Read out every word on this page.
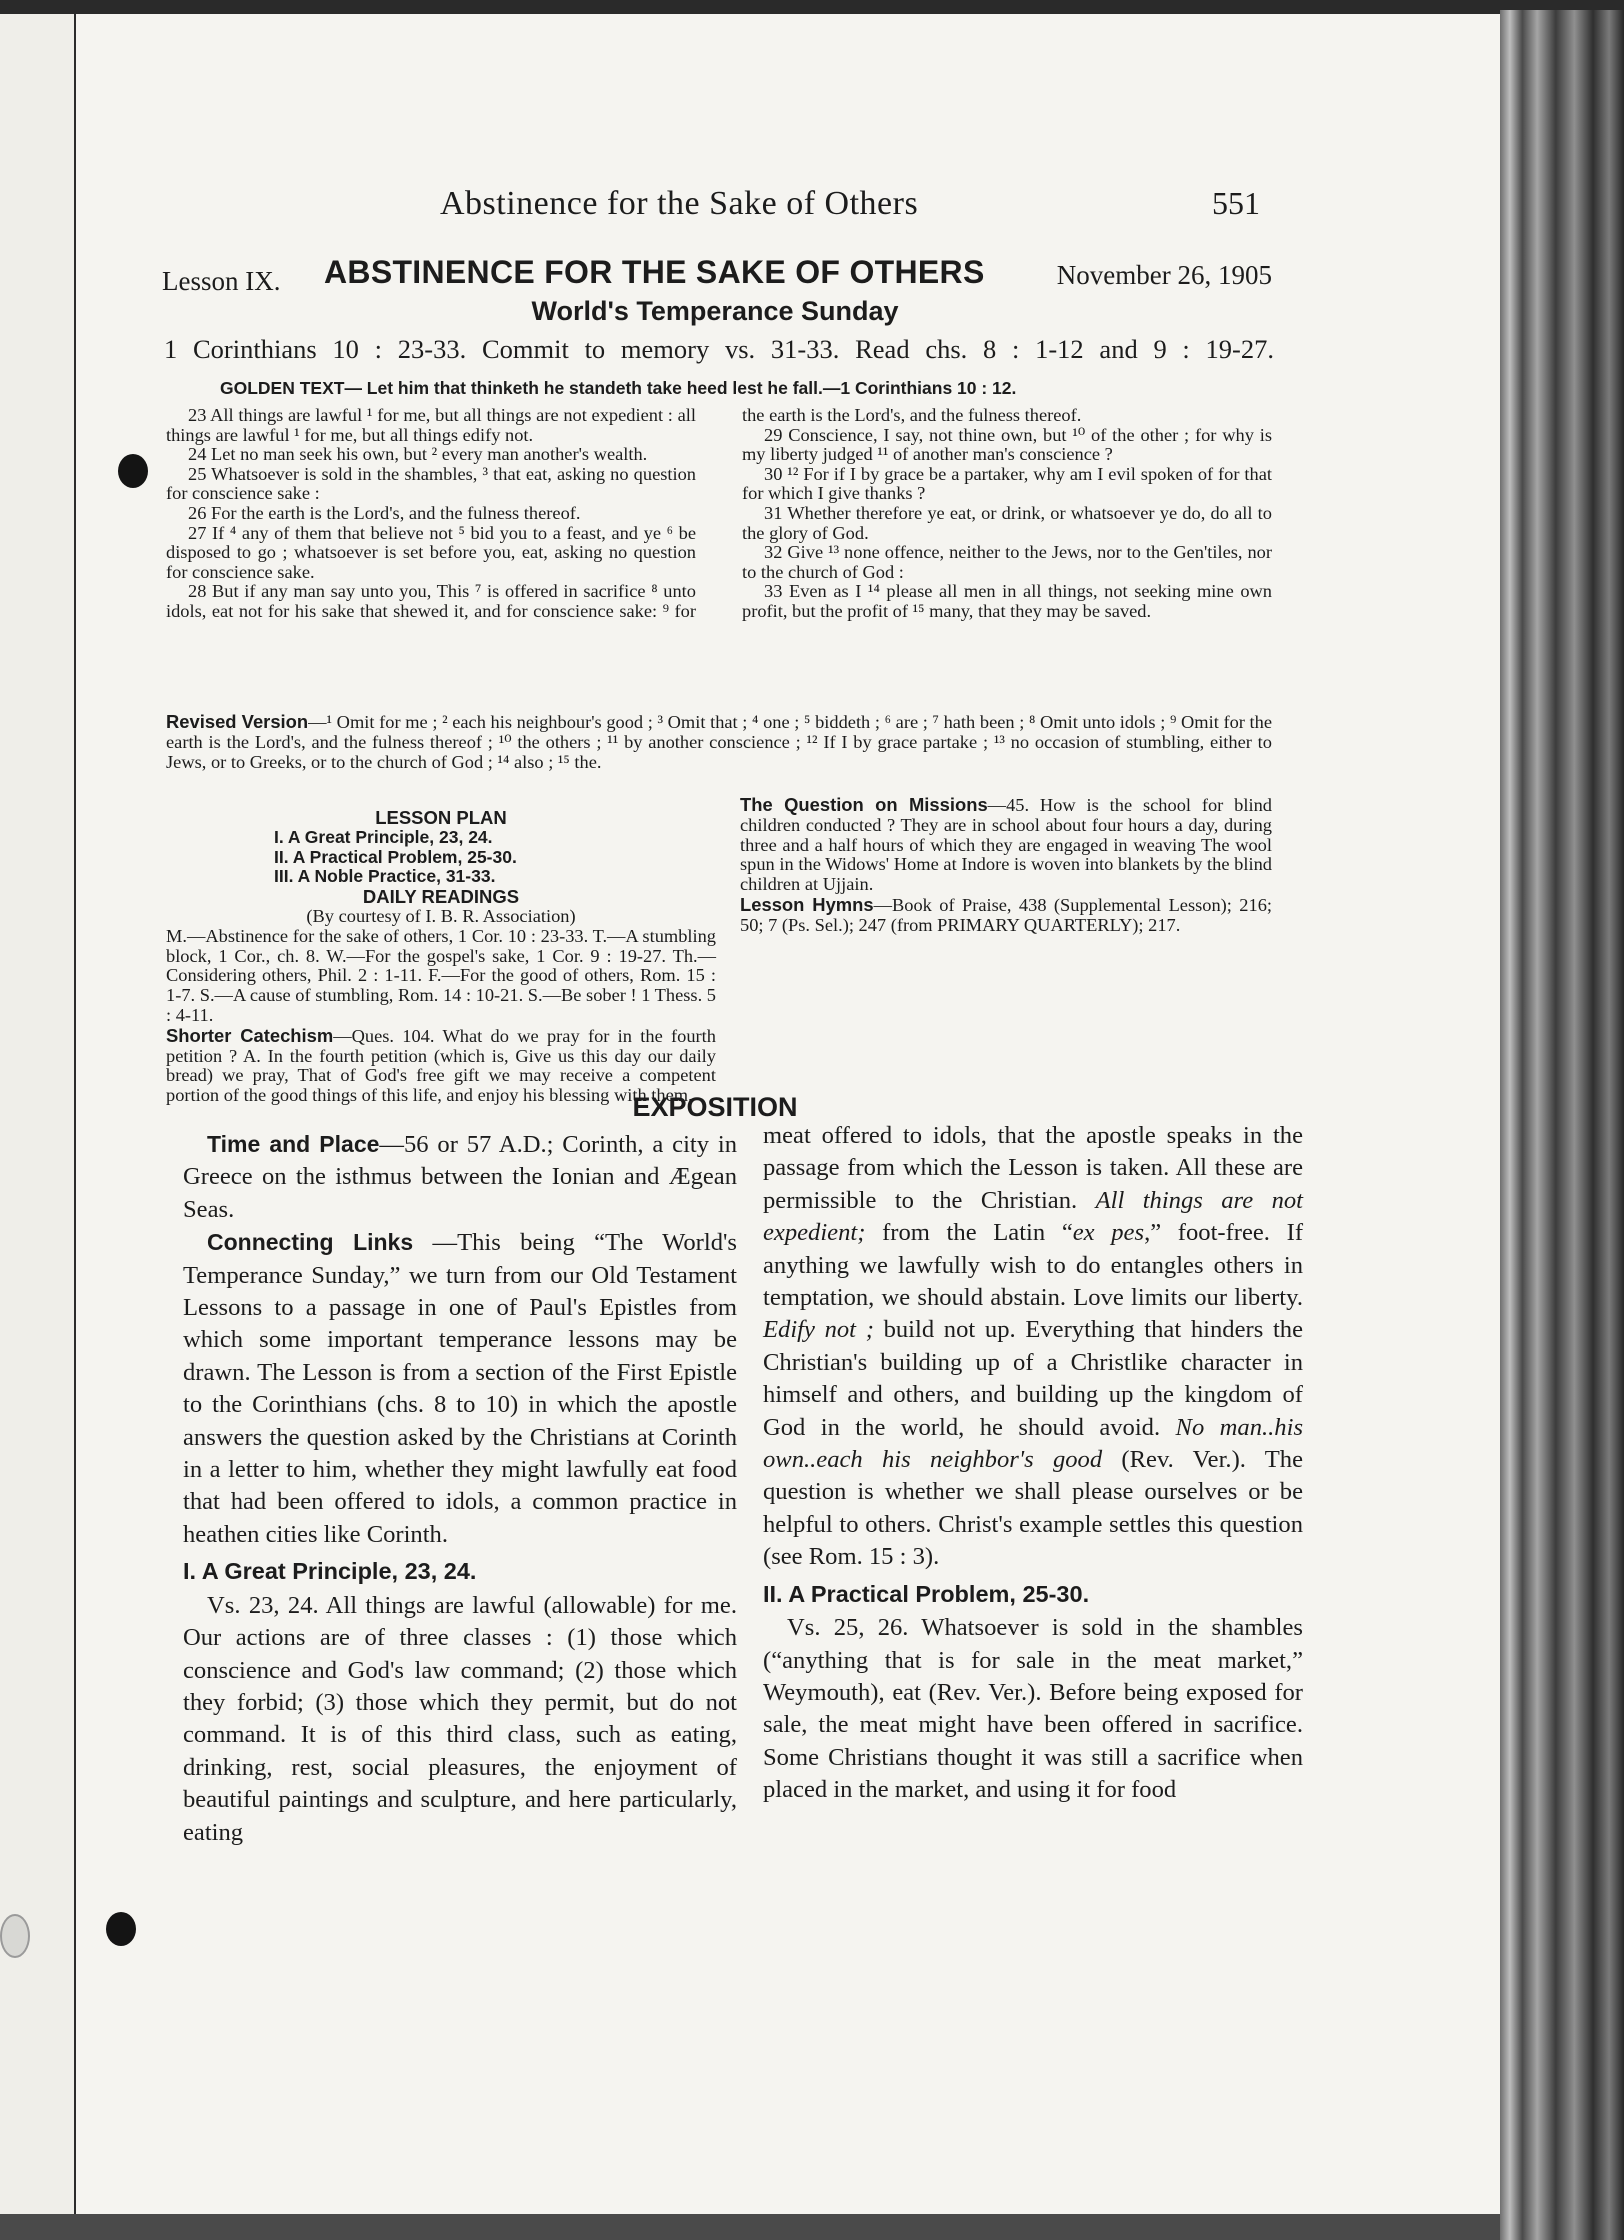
Abstinence for the Sake of Others	551
Lesson IX. ABSTINENCE FOR THE SAKE OF OTHERS	November 26, 1905
World's Temperance Sunday
1 Corinthians 10 : 23-33. Commit to memory vs. 31-33. Read chs. 8 : 1-12 and 9 : 19-27.
GOLDEN TEXT— Let him that thinketh he standeth take heed lest he fall.—1 Corinthians 10 : 12.

23 All things are lawful ¹ for me, but all things are not expedient : all things are lawful ¹ for me, but all things edify not.

24 Let no man seek his own, but ² every man another's wealth.

25 Whatsoever is sold in the shambles, ³ that eat, asking no question for conscience sake :

26 For the earth is the Lord's, and the fulness thereof.

27 If ⁴ any of them that believe not ⁵ bid you to a feast, and ye ⁶ be disposed to go ; whatsoever is set before you, eat, asking no question for conscience sake.

28 But if any man say unto you, This ⁷ is offered in sacrifice ⁸ unto idols, eat not for his sake that shewed it, and for conscience sake: ⁹ for the earth is the Lord's, and the fulness thereof.

29 Conscience, I say, not thine own, but ¹⁰ of the other ; for why is my liberty judged ¹¹ of another man's conscience ?

30 ¹² For if I by grace be a partaker, why am I evil spoken of for that for which I give thanks ?

31 Whether therefore ye eat, or drink, or whatsoever ye do, do all to the glory of God.

32 Give ¹³ none offence, neither to the Jews, nor to the Gen'tiles, nor to the church of God :

33 Even as I ¹⁴ please all men in all things, not seeking mine own profit, but the profit of ¹⁵ many, that they may be saved.

Revised Version—¹ Omit for me ; ² each his neighbour's good ; ³ Omit that ; ⁴ one ; ⁵ biddeth ; ⁶ are ; ⁷ hath been ; ⁸ Omit unto idols ; ⁹ Omit for the earth is the Lord's, and the fulness thereof ; ¹⁰ the others ; ¹¹ by another conscience ; ¹² If I by grace partake ; ¹³ no occasion of stumbling, either to Jews, or to Greeks, or to the church of God ; ¹⁴ also ; ¹⁵ the.
LESSON PLAN
I. A Great Principle, 23, 24.
II. A Practical Problem, 25-30.
III. A Noble Practice, 31-33.
DAILY READINGS
(By courtesy of I. B. R. Association)

M.—Abstinence for the sake of others, 1 Cor. 10 : 23-33. T.—A stumbling block, 1 Cor., ch. 8. W.—For the gospel's sake, 1 Cor. 9 : 19-27. Th.—Considering others, Phil. 2 : 1-11. F.—For the good of others, Rom. 15 : 1-7. S.—A cause of stumbling, Rom. 14 : 10-21. S.—Be sober ! 1 Thess. 5 : 4-11.

Shorter Catechism—Ques. 104. What do we pray for in the fourth petition ? A. In the fourth petition (which is, Give us this day our daily bread) we pray, That of God's free gift we may receive a competent portion of the good things of this life, and enjoy his blessing with them.

The Question on Missions—45. How is the school for blind children conducted ? They are in school about four hours a day, during three and a half hours of which they are engaged in weaving The wool spun in the Widows' Home at Indore is woven into blankets by the blind children at Ujjain.

Lesson Hymns—Book of Praise, 438 (Supplemental Lesson); 216; 50; 7 (Ps. Sel.); 247 (from PRIMARY QUARTERLY); 217.

EXPOSITION

Time and Place—56 or 57 A.D.; Corinth, a city in Greece on the isthmus between the Ionian and Ægean Seas.

Connecting Links —This being “The World's Temperance Sunday,” we turn from our Old Testament Lessons to a passage in one of Paul's Epistles from which some important temperance lessons may be drawn. The Lesson is from a section of the First Epistle to the Corinthians (chs. 8 to 10) in which the apostle answers the question asked by the Christians at Corinth in a letter to him, whether they might lawfully eat food that had been offered to idols, a common practice in heathen cities like Corinth.

I. A Great Principle, 23, 24.

Vs. 23, 24. All things are lawful (allowable) for me. Our actions are of three classes : (1) those which conscience and God's law command; (2) those which they forbid; (3) those which they permit, but do not command. It is of this third class, such as eating, drinking, rest, social pleasures, the enjoyment of beautiful paintings and sculpture, and here particularly, eating

meat offered to idols, that the apostle speaks in the passage from which the Lesson is taken. All these are permissible to the Christian. All things are not expedient; from the Latin “ex pes,” foot-free. If anything we lawfully wish to do entangles others in temptation, we should abstain. Love limits our liberty. Edify not ; build not up. Everything that hinders the Christian's building up of a Christlike character in himself and others, and building up the kingdom of God in the world, he should avoid. No man..his own..each his neighbor's good (Rev. Ver.). The question is whether we shall please ourselves or be helpful to others. Christ's example settles this question (see Rom. 15 : 3).

II. A Practical Problem, 25-30.

Vs. 25, 26. Whatsoever is sold in the shambles (“anything that is for sale in the meat market,” Weymouth), eat (Rev. Ver.). Before being exposed for sale, the meat might have been offered in sacrifice. Some Christians thought it was still a sacrifice when placed in the market, and using it for food
